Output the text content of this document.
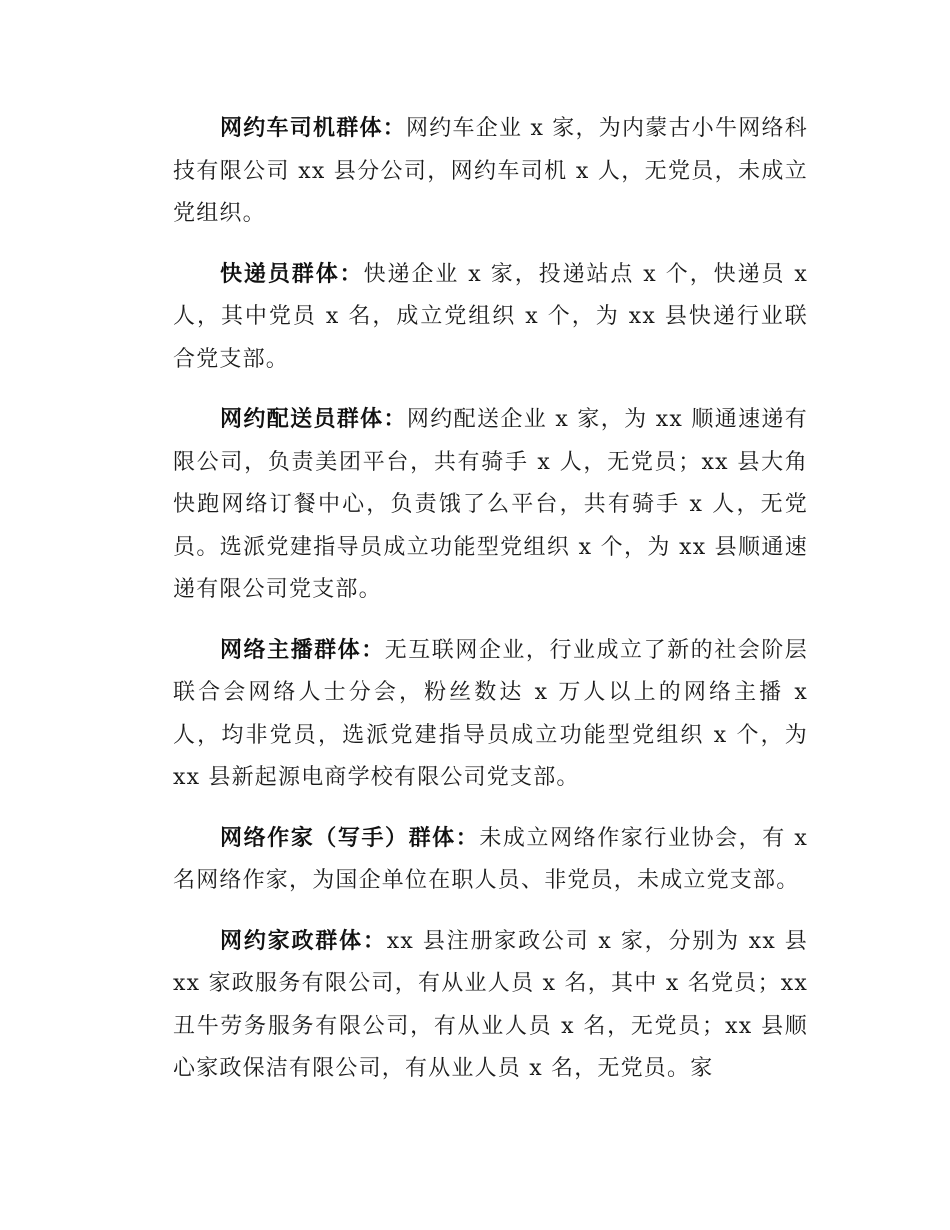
网约车司机群体：网约车企业 x 家，为内蒙古小牛网络科技有限公司 xx 县分公司，网约车司机 x 人，无党员，未成立党组织。

快递员群体：快递企业 x 家，投递站点 x 个，快递员 x 人，其中党员 x 名，成立党组织 x 个，为 xx 县快递行业联合党支部。

网约配送员群体：网约配送企业 x 家，为 xx 顺通速递有限公司，负责美团平台，共有骑手 x 人，无党员；xx 县大角快跑网络订餐中心，负责饿了么平台，共有骑手 x 人，无党员。选派党建指导员成立功能型党组织 x 个，为 xx 县顺通速递有限公司党支部。

网络主播群体：无互联网企业，行业成立了新的社会阶层联合会网络人士分会，粉丝数达 x 万人以上的网络主播 x 人，均非党员，选派党建指导员成立功能型党组织 x 个，为 xx 县新起源电商学校有限公司党支部。

网络作家（写手）群体：未成立网络作家行业协会，有 x 名网络作家，为国企单位在职人员、非党员，未成立党支部。

网约家政群体：xx 县注册家政公司 x 家，分别为 xx 县 xx 家政服务有限公司，有从业人员 x 名，其中 x 名党员；xx 丑牛劳务服务有限公司，有从业人员 x 名，无党员；xx 县顺心家政保洁有限公司，有从业人员 x 名，无党员。家
